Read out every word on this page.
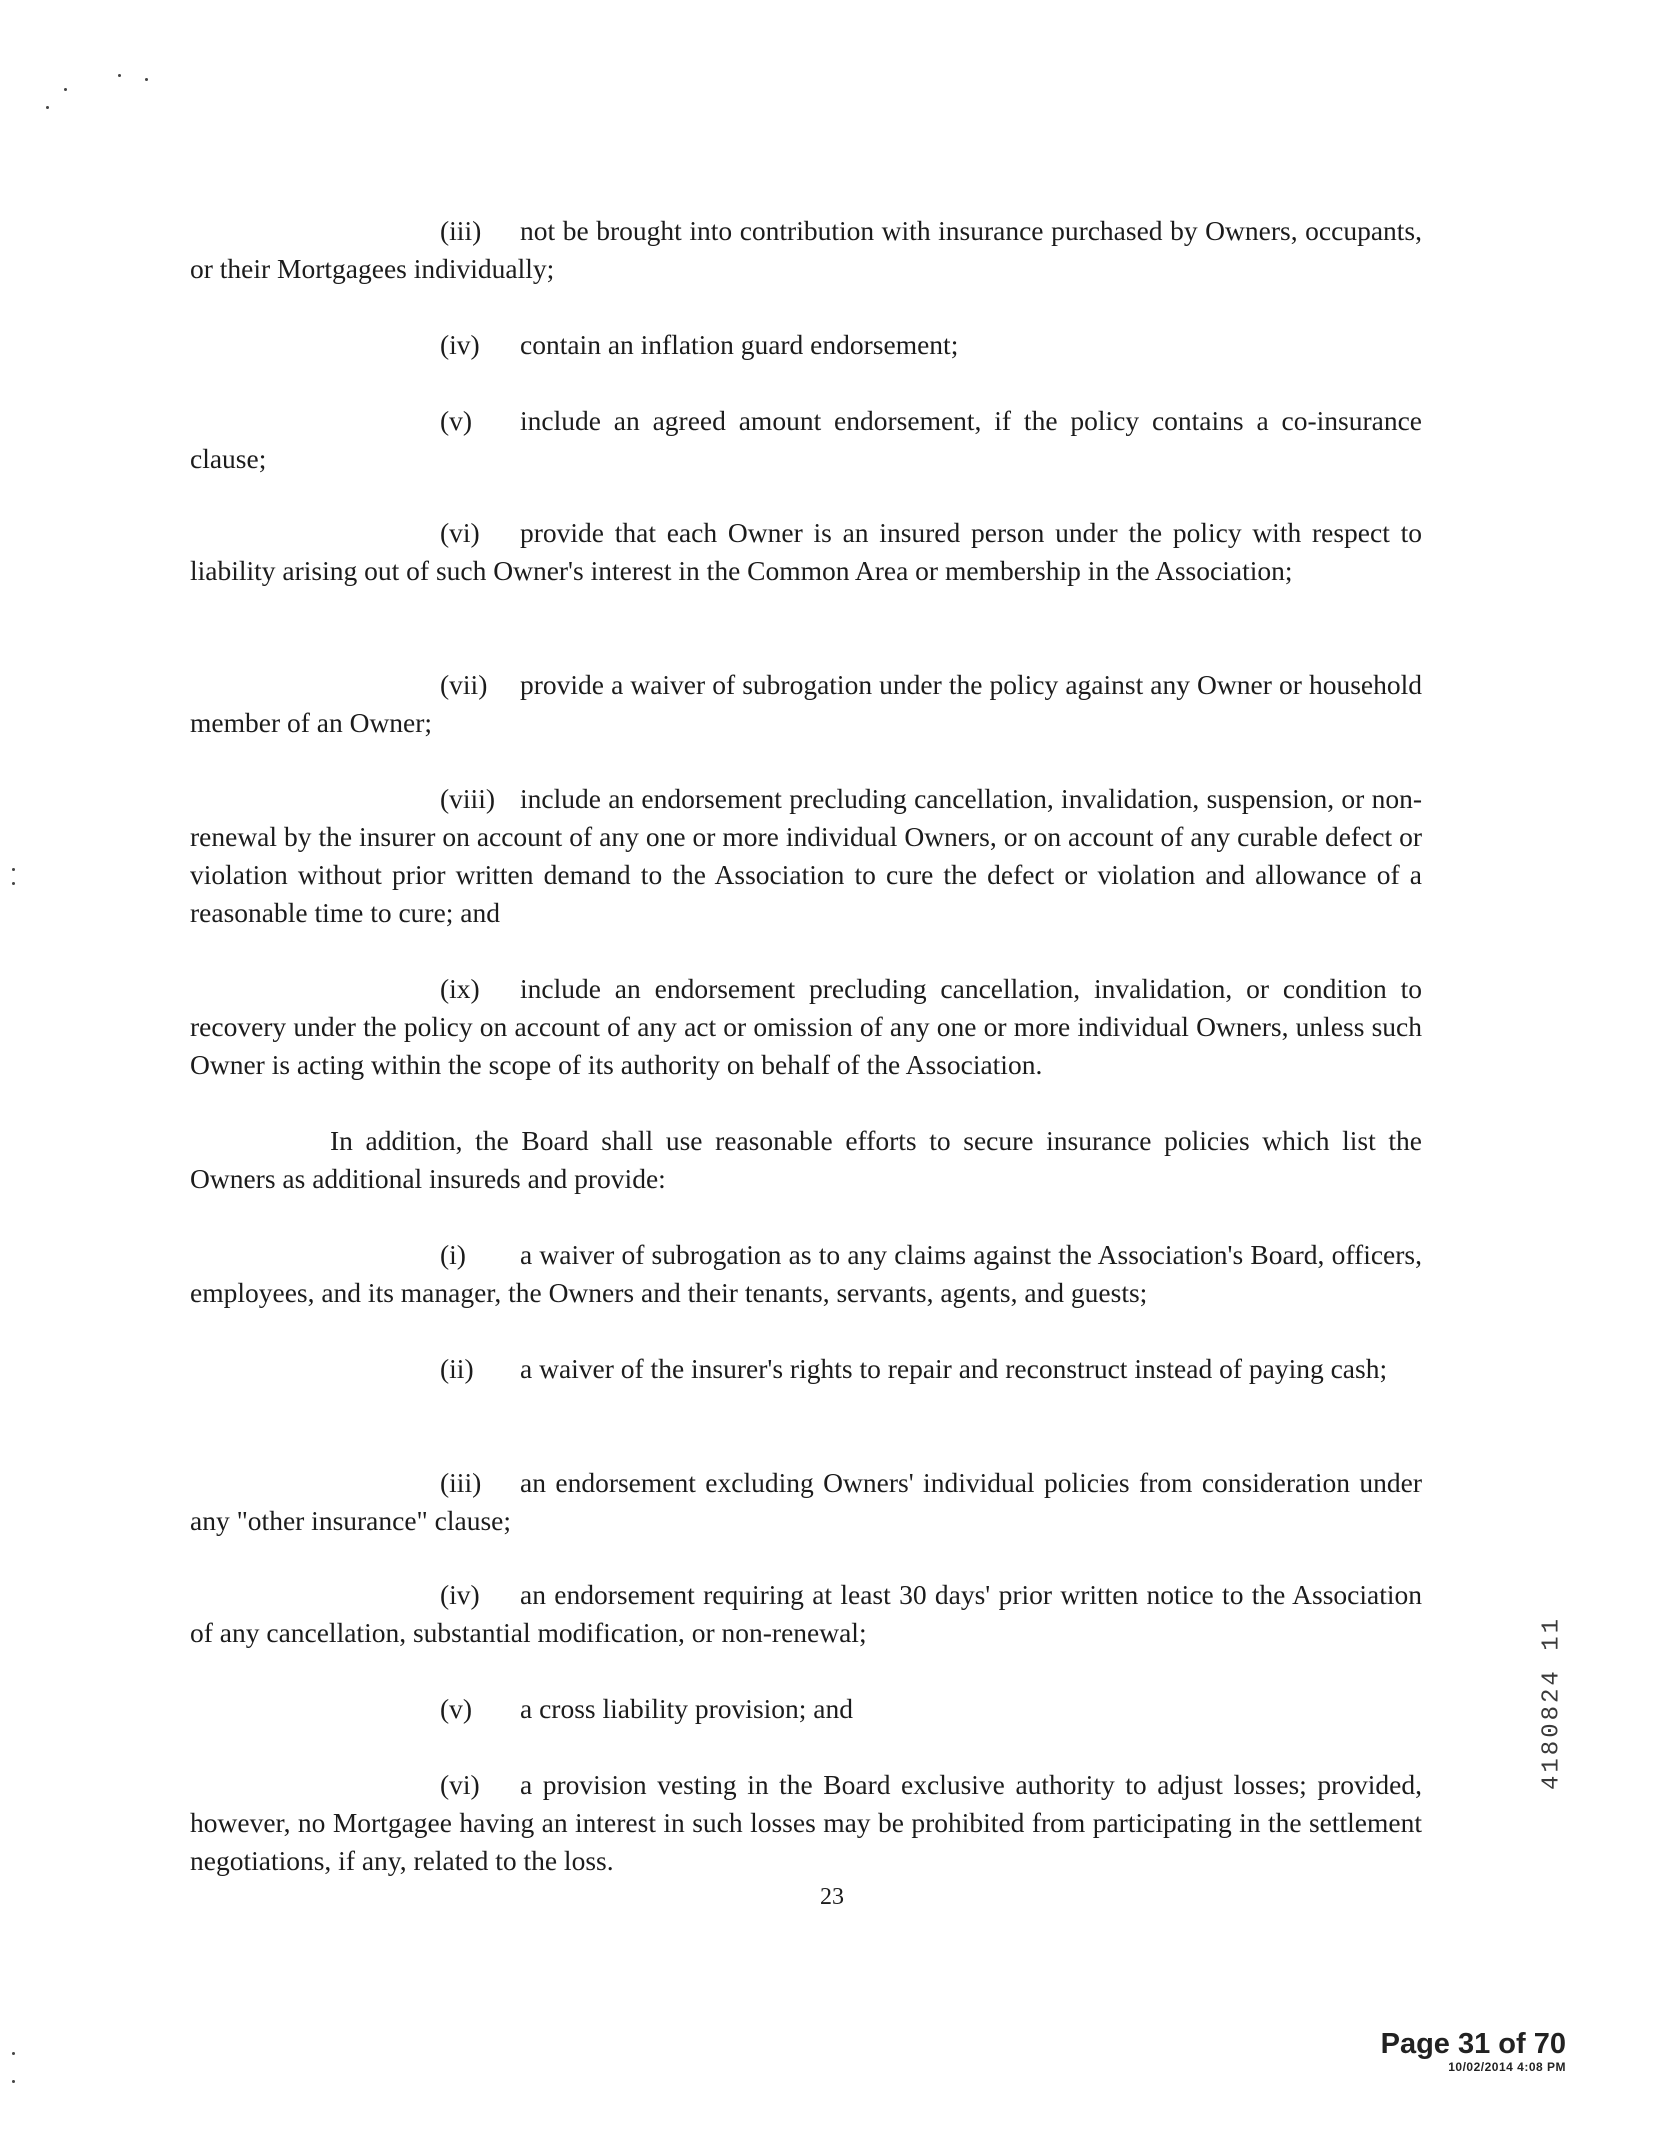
(iii) not be brought into contribution with insurance purchased by Owners, occupants, or their Mortgagees individually;

(iv) contain an inflation guard endorsement;

(v) include an agreed amount endorsement, if the policy contains a co-insurance clause;

(vi) provide that each Owner is an insured person under the policy with respect to liability arising out of such Owner's interest in the Common Area or membership in the Association;

(vii) provide a waiver of subrogation under the policy against any Owner or household member of an Owner;

(viii) include an endorsement precluding cancellation, invalidation, suspension, or non-renewal by the insurer on account of any one or more individual Owners, or on account of any curable defect or violation without prior written demand to the Association to cure the defect or violation and allowance of a reasonable time to cure; and

(ix) include an endorsement precluding cancellation, invalidation, or condition to recovery under the policy on account of any act or omission of any one or more individual Owners, unless such Owner is acting within the scope of its authority on behalf of the Association.

In addition, the Board shall use reasonable efforts to secure insurance policies which list the Owners as additional insureds and provide:

(i) a waiver of subrogation as to any claims against the Association's Board, officers, employees, and its manager, the Owners and their tenants, servants, agents, and guests;

(ii) a waiver of the insurer's rights to repair and reconstruct instead of paying cash;

(iii) an endorsement excluding Owners' individual policies from consideration under any "other insurance" clause;

(iv) an endorsement requiring at least 30 days' prior written notice to the Association of any cancellation, substantial modification, or non-renewal;

(v) a cross liability provision; and

(vi) a provision vesting in the Board exclusive authority to adjust losses; provided, however, no Mortgagee having an interest in such losses may be prohibited from participating in the settlement negotiations, if any, related to the loss.

23
4180824 11
Page 31 of 70
10/02/2014 4:08 PM
